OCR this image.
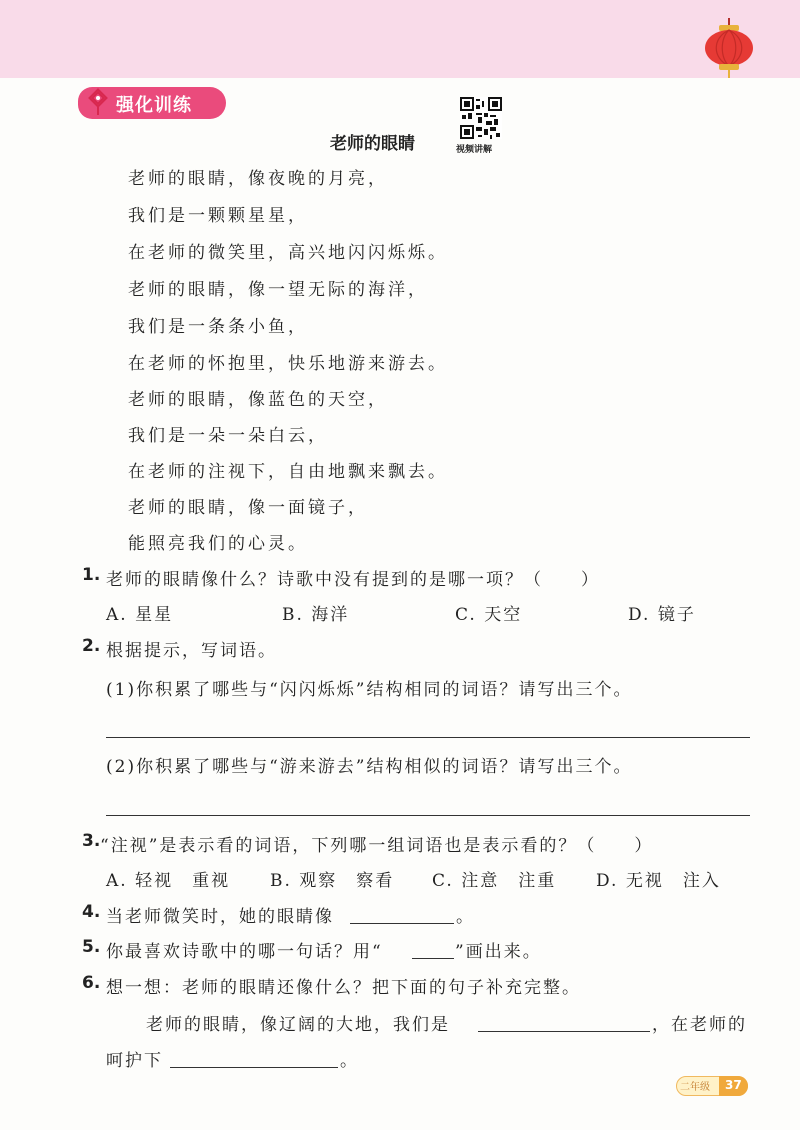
强化训练
老师的眼睛	视频讲解
老师的眼睛，像夜晚的月亮，
我们是一颗颗星星，
在老师的微笑里，高兴地闪闪烁烁。
老师的眼睛，像一望无际的海洋，
我们是一条条小鱼，
在老师的怀抱里，快乐地游来游去。
老师的眼睛，像蓝色的天空，
我们是一朵一朵白云，
在老师的注视下，自由地飘来飘去。
老师的眼睛，像一面镜子，
能照亮我们的心灵。
1. 老师的眼睛像什么？诗歌中没有提到的是哪一项？（　　）
A. 星星	B. 海洋	C. 天空	D. 镜子
2. 根据提示，写词语。
(1)你积累了哪些与“闪闪烁烁”结构相同的词语？请写出三个。
(2)你积累了哪些与“游来游去”结构相似的词语？请写出三个。
3. “注视”是表示看的词语，下列哪一组词语也是表示看的？（　　）
A. 轻视　重视 B. 观察　察看 C. 注意　注重 D. 无视　注入
4. 当老师微笑时，她的眼睛像	。
5. 你最喜欢诗歌中的哪一句话？用“	”画出来。
6. 想一想：老师的眼睛还像什么？把下面的句子补充完整。
老师的眼睛，像辽阔的大地，我们是	，在老师的
呵护下	。
二年级 37
